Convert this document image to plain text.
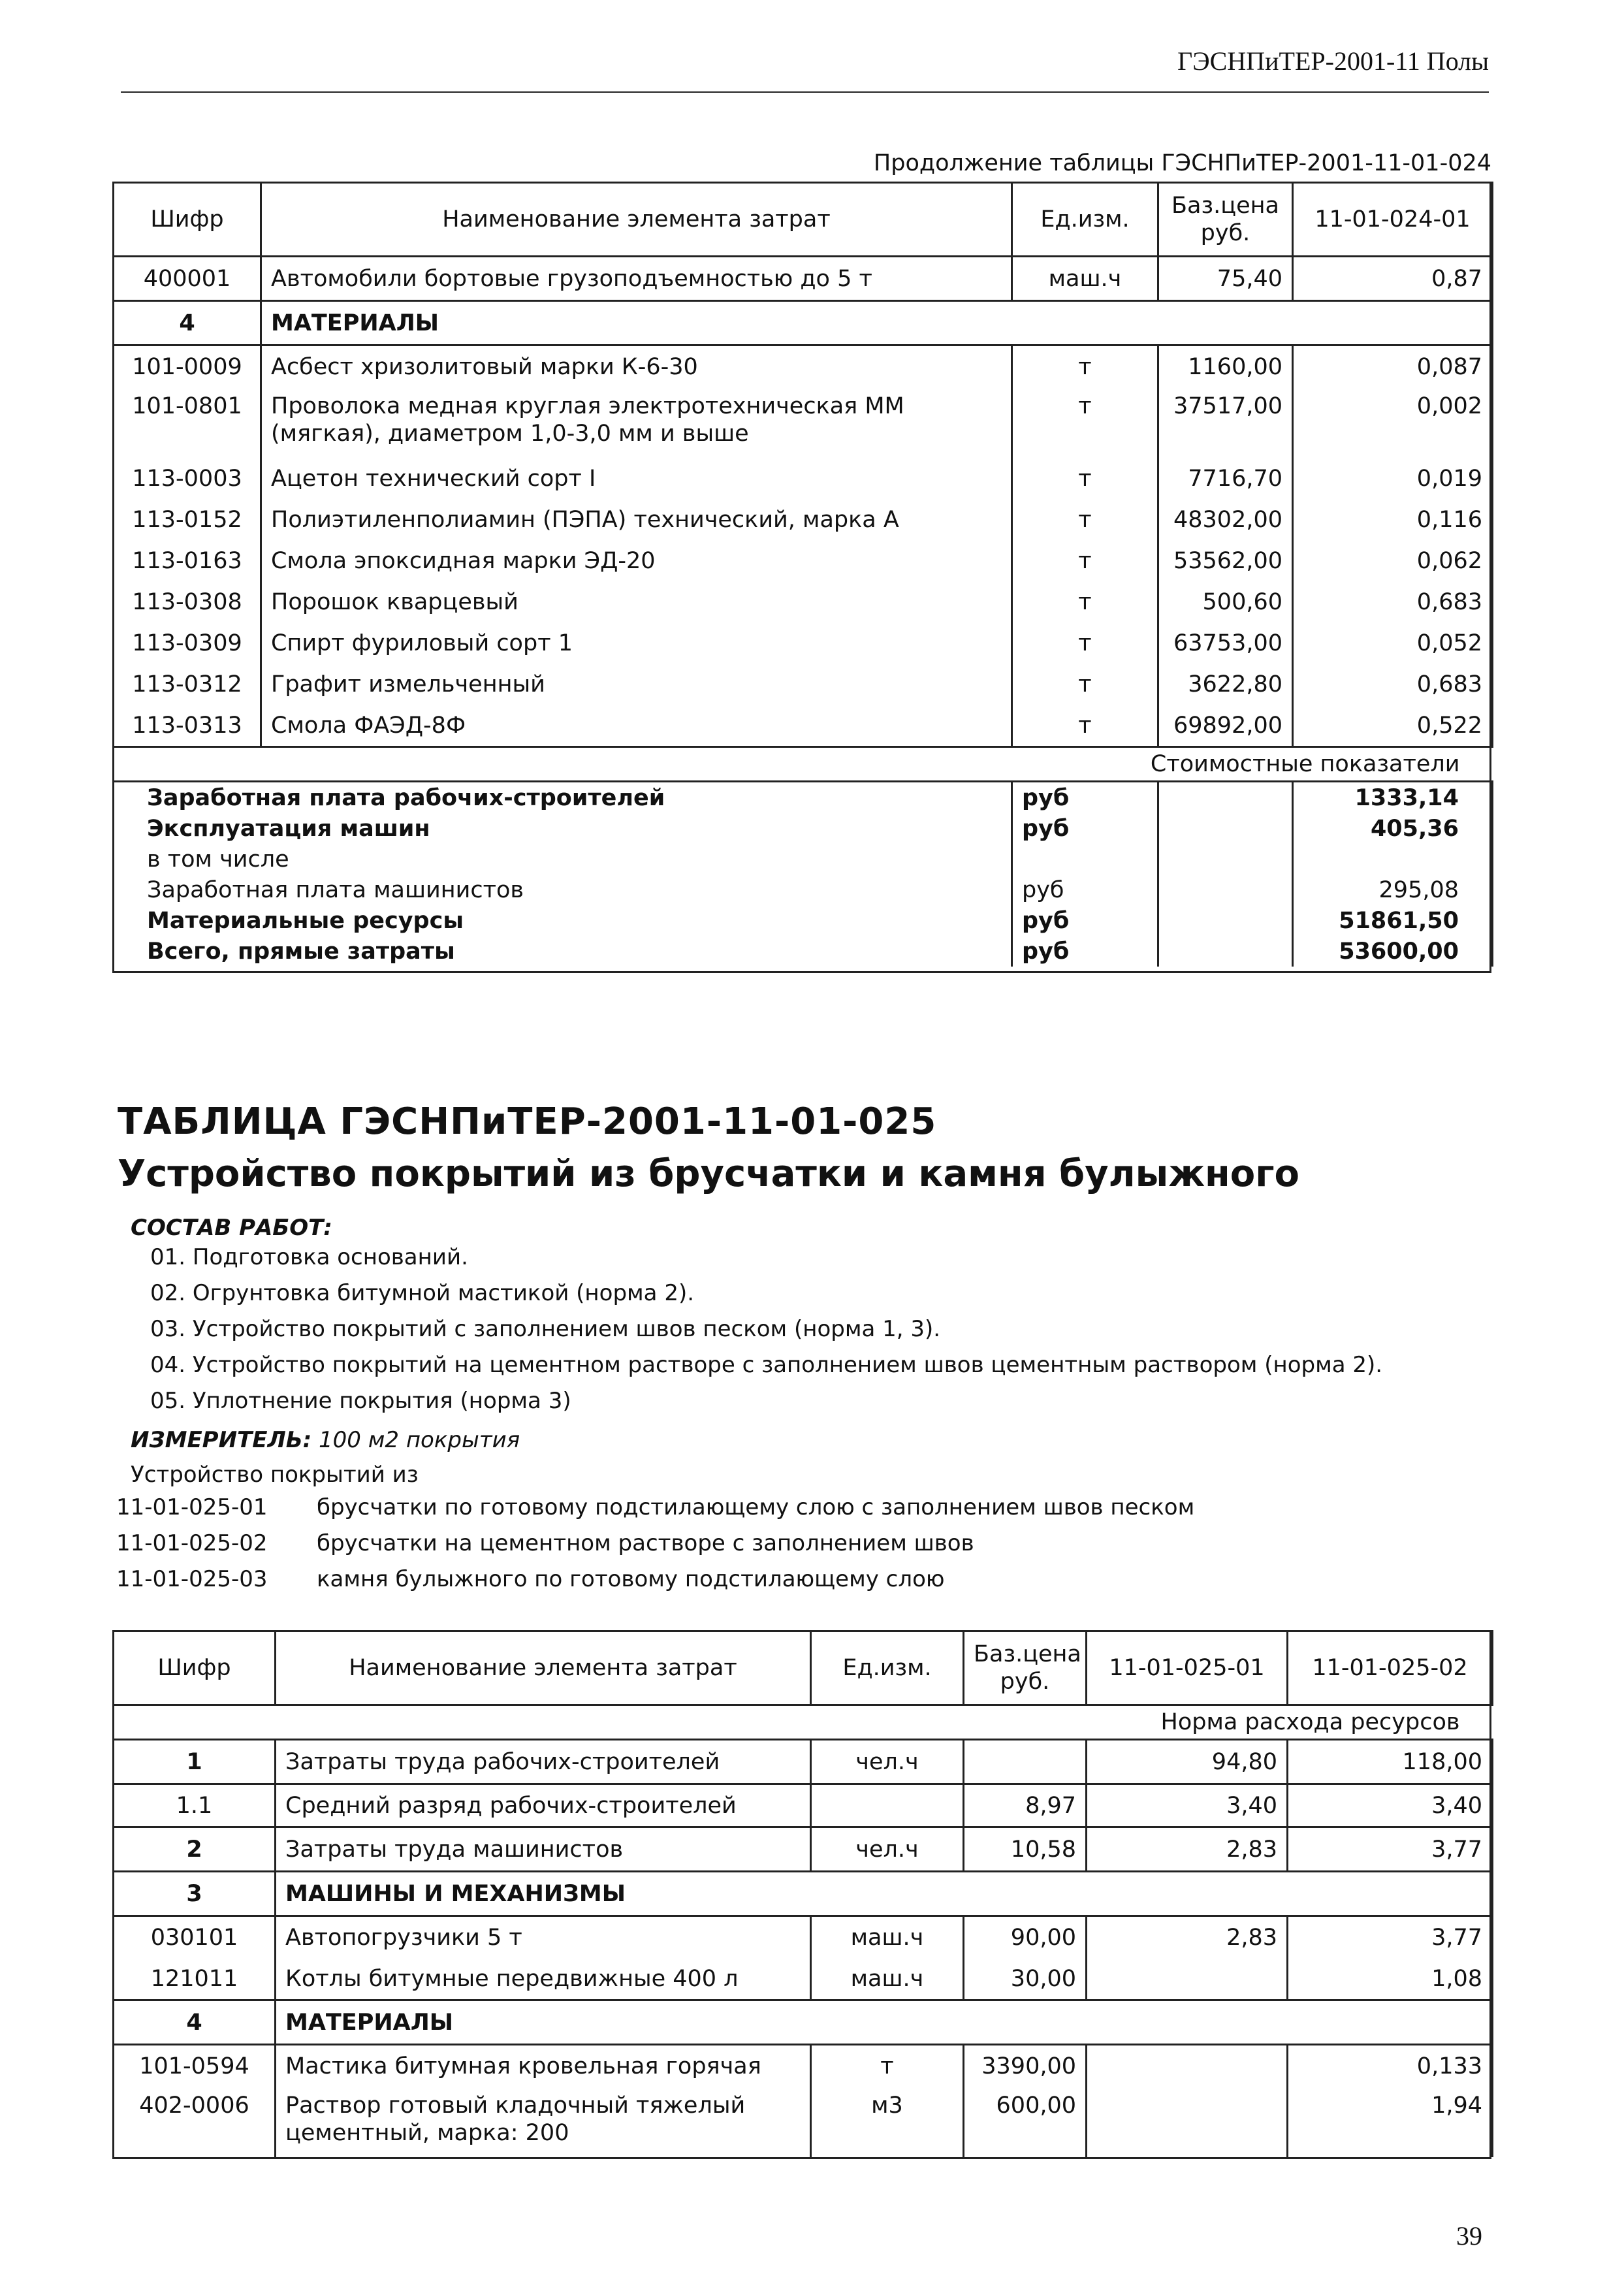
ГЭСНПиТЕР-2001-11 Полы
Продолжение таблицы ГЭСНПиТЕР-2001-11-01-024
Шифр	Наименование элемента затрат	Ед.изм.	Баз.цена руб.	11-01-024-01
400001	Автомобили бортовые грузоподъемностью до 5 т	маш.ч	75,40	0,87
4	МАТЕРИАЛЫ			
101-0009	Асбест хризолитовый марки К-6-30	т	1160,00	0,087
101-0801	Проволока медная круглая электротехническая ММ (мягкая), диаметром 1,0-3,0 мм и выше	т	37517,00	0,002
113-0003	Ацетон технический сорт I	т	7716,70	0,019
113-0152	Полиэтиленполиамин (ПЭПА) технический, марка А	т	48302,00	0,116
113-0163	Смола эпоксидная марки ЭД-20	т	53562,00	0,062
113-0308	Порошок кварцевый	т	500,60	0,683
113-0309	Спирт фуриловый сорт 1	т	63753,00	0,052
113-0312	Графит измельченный	т	3622,80	0,683
113-0313	Смола ФАЭД-8Ф	т	69892,00	0,522
Стоимостные показатели				
Заработная плата рабочих-строителей		руб		1333,14
Эксплуатация машин		руб		405,36
в том числе				
Заработная плата машинистов		руб		295,08
Материальные ресурсы		руб		51861,50
Всего, прямые затраты		руб		53600,00
ТАБЛИЦА ГЭСНПиТЕР-2001-11-01-025
Устройство покрытий из брусчатки и камня булыжного
СОСТАВ РАБОТ:
01. Подготовка оснований.
02. Огрунтовка битумной мастикой (норма 2).
03. Устройство покрытий с заполнением швов песком (норма 1, 3).
04. Устройство покрытий на цементном растворе с заполнением швов цементным раствором (норма 2).
05. Уплотнение покрытия (норма 3)
ИЗМЕРИТЕЛЬ: 100 м2 покрытия
Устройство покрытий из
11-01-025-01 брусчатки по готовому подстилающему слою с заполнением швов песком
11-01-025-02 брусчатки на цементном растворе с заполнением швов
11-01-025-03 камня булыжного по готовому подстилающему слою
Шифр	Наименование элемента затрат	Ед.изм.	Баз.цена руб.	11-01-025-01	11-01-025-02
Норма расхода ресурсов					
1	Затраты труда рабочих-строителей	чел.ч		94,80	118,00
1.1	Средний разряд рабочих-строителей		8,97	3,40	3,40
2	Затраты труда машинистов	чел.ч	10,58	2,83	3,77
3	МАШИНЫ И МЕХАНИЗМЫ				
030101	Автопогрузчики 5 т	маш.ч	90,00	2,83	3,77
121011	Котлы битумные передвижные 400 л	маш.ч	30,00		1,08
4	МАТЕРИАЛЫ				
101-0594	Мастика битумная кровельная горячая	т	3390,00		0,133
402-0006	Раствор готовый кладочный тяжелый цементный, марка: 200	м3	600,00		1,94
39
